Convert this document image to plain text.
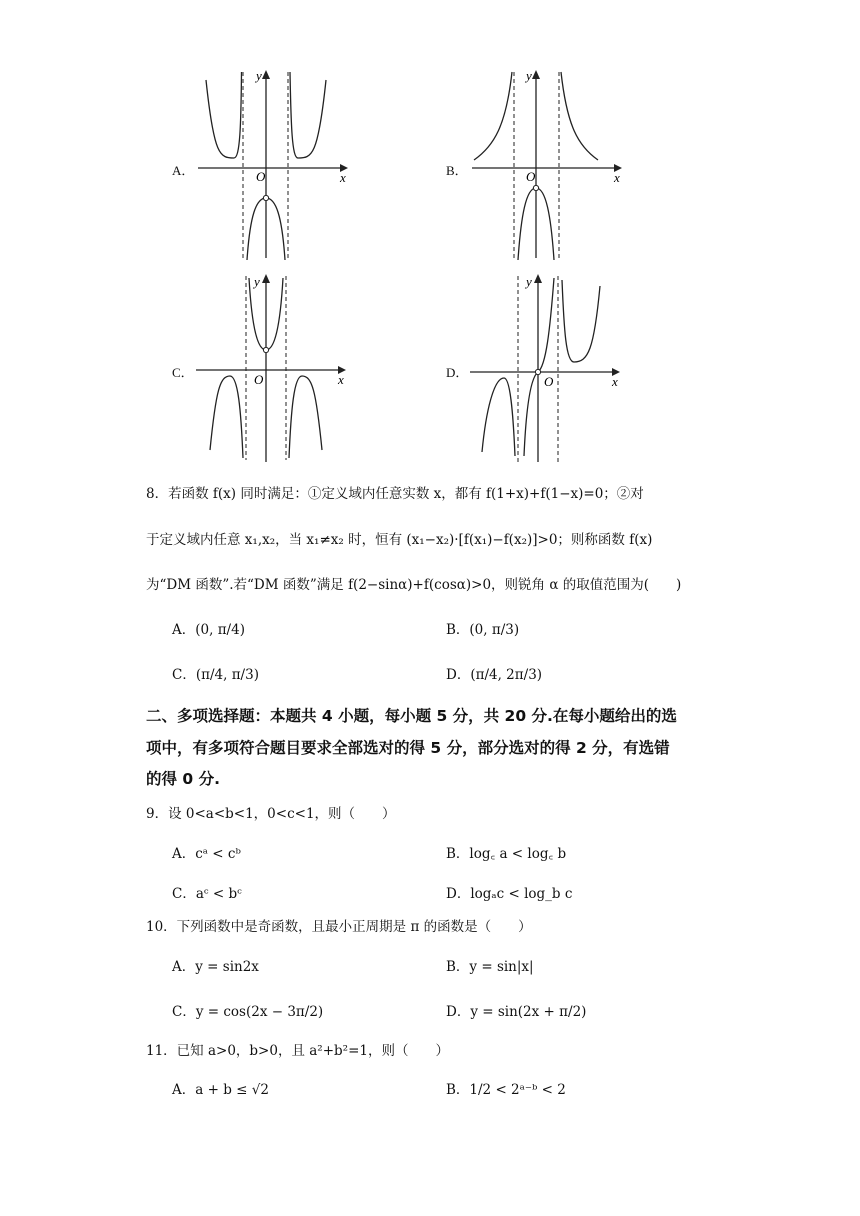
A．	B．
C．	D．
y
x
O
y
x
O
y
x
O
y
x
O
8．若函数 f(x) 同时满足：①定义域内任意实数 x，都有 f(1+x)+f(1−x)=0；②对
于定义域内任意 x₁,x₂，当 x₁≠x₂ 时，恒有 (x₁−x₂)·[f(x₁)−f(x₂)]>0；则称函数 f(x)
为“DM 函数”.若“DM 函数”满足 f(2−sinα)+f(cosα)>0，则锐角 α 的取值范围为(　　)
A．(0, π/4)	B．(0, π/3)
C．(π/4, π/3)	D．(π/4, 2π/3)
二、多项选择题：本题共 4 小题，每小题 5 分，共 20 分.在每小题给出的选
项中，有多项符合题目要求全部选对的得 5 分，部分选对的得 2 分，有选错
的得 0 分.
9．设 0<a<b<1，0<c<1，则（　　）
A．cᵃ < cᵇ	B．log꜀ a < log꜀ b
C．aᶜ < bᶜ	D．logₐc < log_b c
10．下列函数中是奇函数，且最小正周期是 π 的函数是（　　）
A．y = sin2x	B．y = sin|x|
C．y = cos(2x − 3π/2)	D．y = sin(2x + π/2)
11．已知 a>0，b>0，且 a²+b²=1，则（　　）
A．a + b ≤ √2	B．1/2 < 2ᵃ⁻ᵇ < 2
